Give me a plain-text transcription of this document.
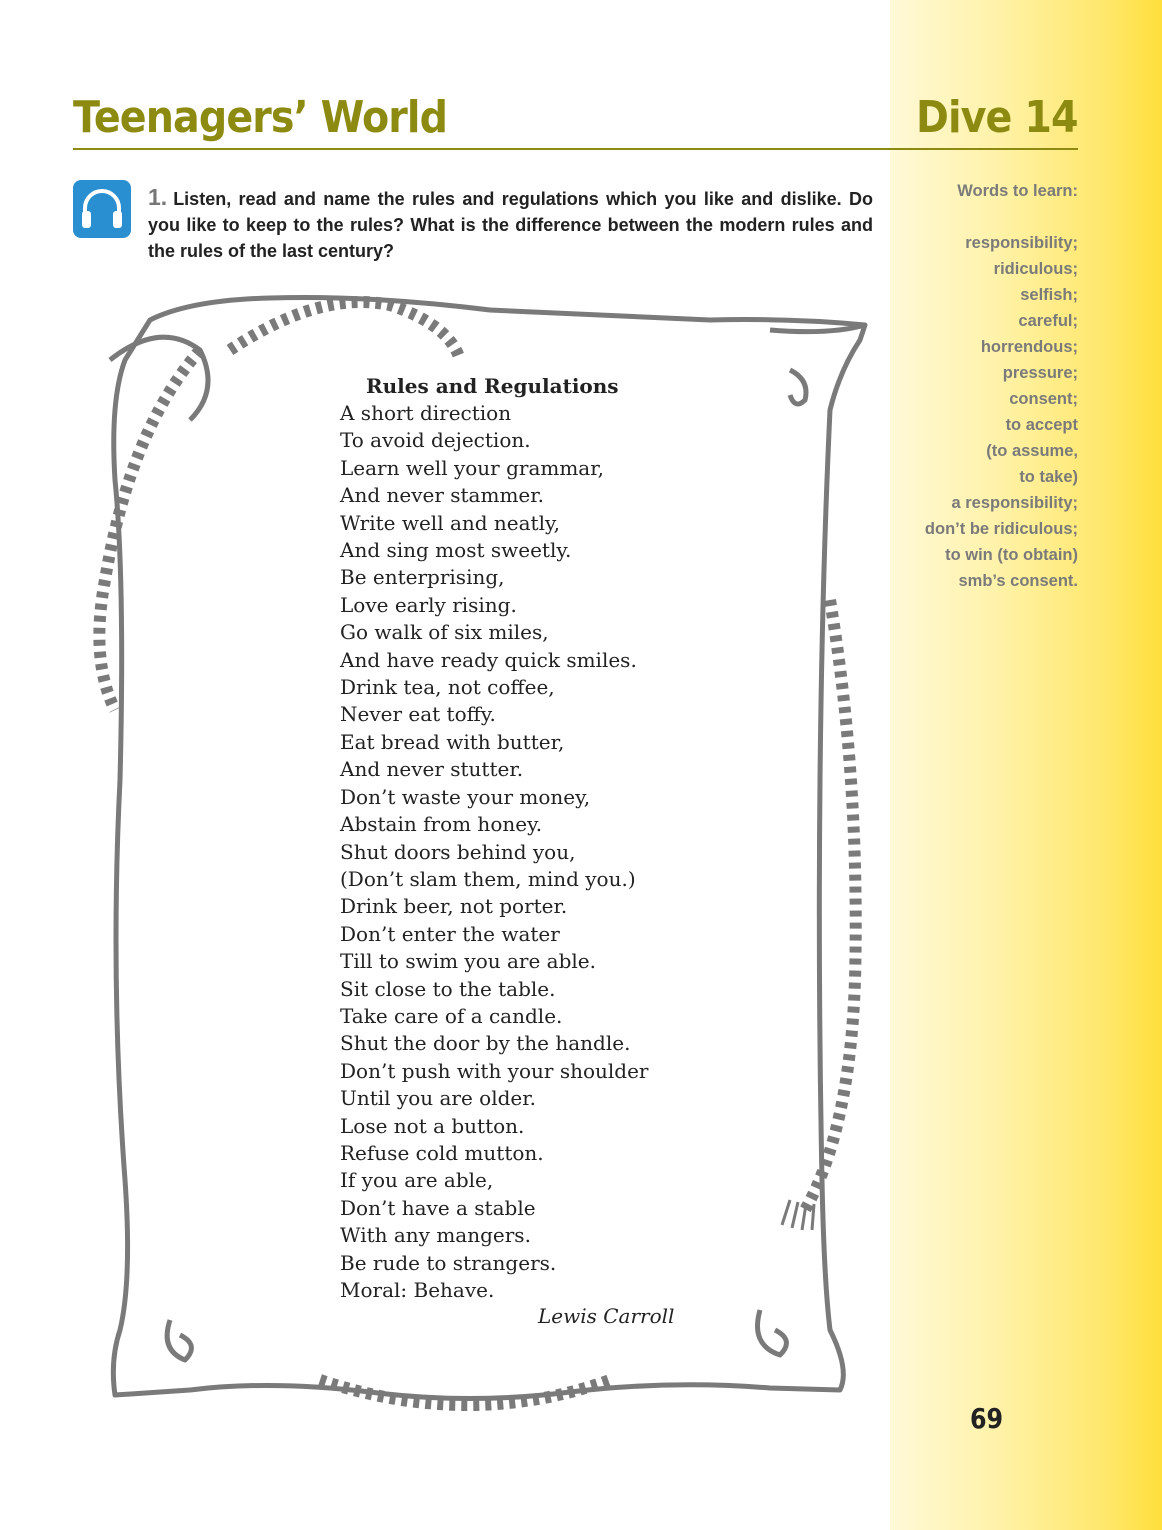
Teenagers’ World	Dive 14
1. Listen, read and name the rules and regulations which you like and dislike. Do you like to keep to the rules? What is the difference between the modern rules and the rules of the last century?
Words to learn:
responsibility;
ridiculous;
selfish;
careful;
horrendous;
pressure;
consent;
to accept
(to assume,
to take)
a responsibility;
don’t be ridiculous;
to win (to obtain)
smb’s consent.
Rules and Regulations
A short direction
To avoid dejection.
Learn well your grammar,
And never stammer.
Write well and neatly,
And sing most sweetly.
Be enterprising,
Love early rising.
Go walk of six miles,
And have ready quick smiles.
Drink tea, not coffee,
Never eat toffy.
Eat bread with butter,
And never stutter.
Don’t waste your money,
Abstain from honey.
Shut doors behind you,
(Don’t slam them, mind you.)
Drink beer, not porter.
Don’t enter the water
Till to swim you are able.
Sit close to the table.
Take care of a candle.
Shut the door by the handle.
Don’t push with your shoulder
Until you are older.
Lose not a button.
Refuse cold mutton.
If you are able,
Don’t have a stable
With any mangers.
Be rude to strangers.
Moral: Behave.
Lewis Carroll
69
